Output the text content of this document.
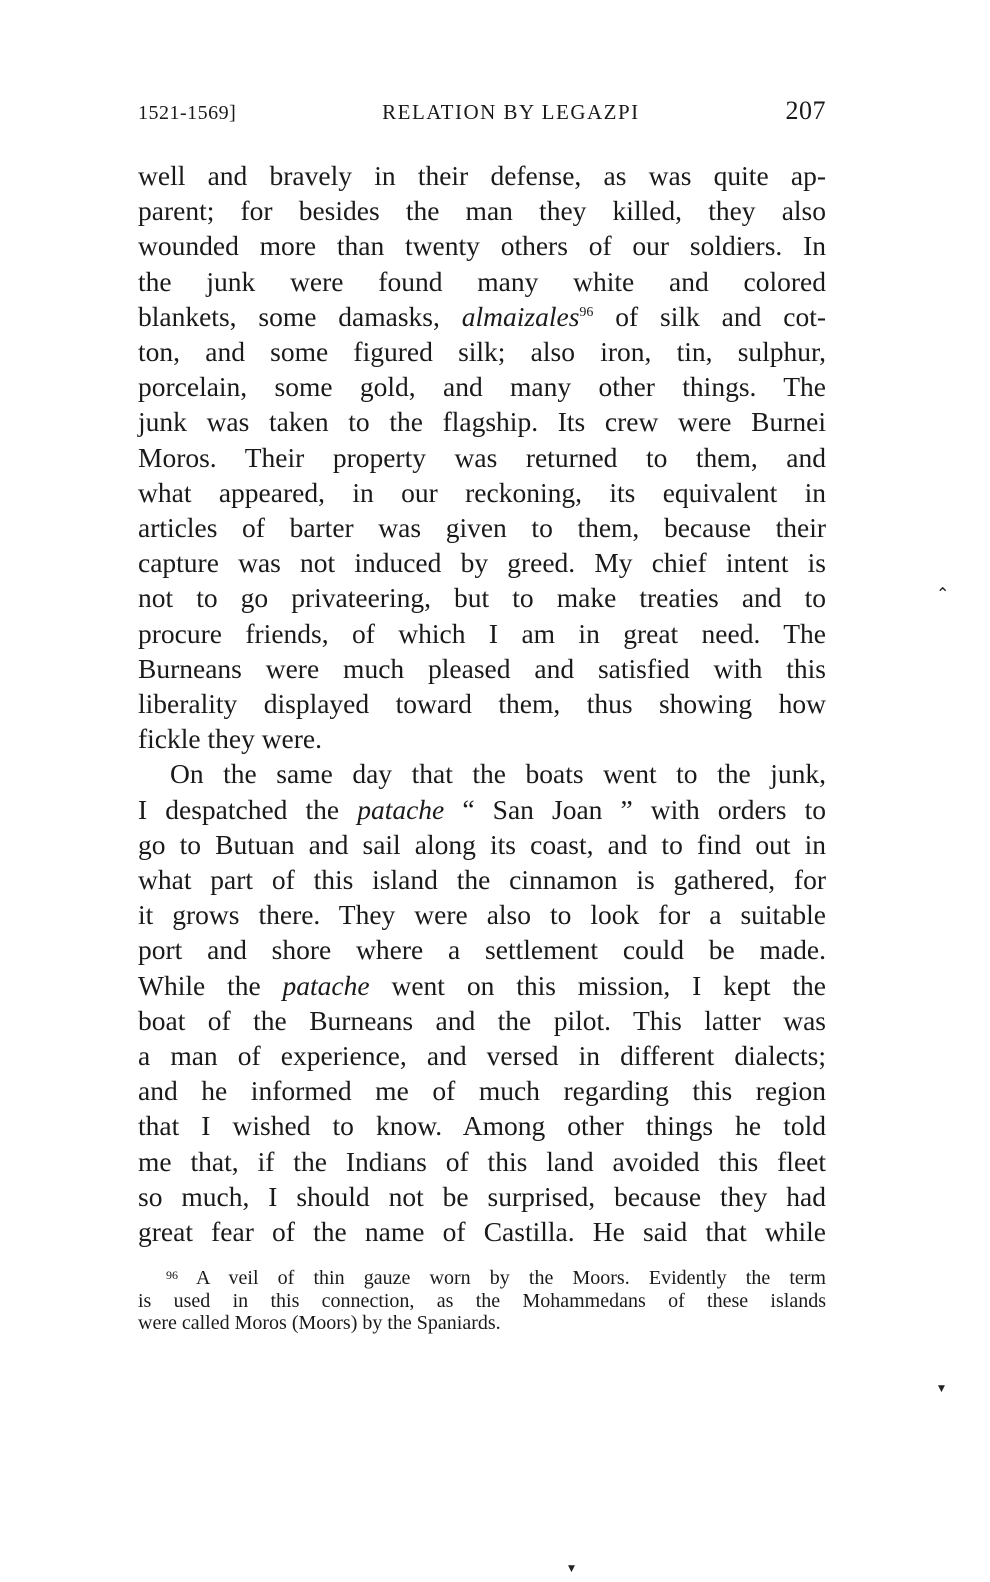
1521-1569]	RELATION BY LEGAZPI	207
well and bravely in their defense, as was quite ap-
parent; for besides the man they killed, they also
wounded more than twenty others of our soldiers. In
the junk were found many white and colored
blankets, some damasks, almaizales$^{96}$ of silk and cot-
ton, and some figured silk; also iron, tin, sulphur,
porcelain, some gold, and many other things. The
junk was taken to the flagship. Its crew were Burnei
Moros. Their property was returned to them, and
what appeared, in our reckoning, its equivalent in
articles of barter was given to them, because their
capture was not induced by greed. My chief intent is
not to go privateering, but to make treaties and to
procure friends, of which I am in great need. The
Burneans were much pleased and satisfied with this
liberality displayed toward them, thus showing how
fickle they were.
On the same day that the boats went to the junk,
I despatched the patache “ San Joan ” with orders to
go to Butuan and sail along its coast, and to find out in
what part of this island the cinnamon is gathered, for
it grows there. They were also to look for a suitable
port and shore where a settlement could be made.
While the patache went on this mission, I kept the
boat of the Burneans and the pilot. This latter was
a man of experience, and versed in different dialects;
and he informed me of much regarding this region
that I wished to know. Among other things he told
me that, if the Indians of this land avoided this fleet
so much, I should not be surprised, because they had
great fear of the name of Castilla. He said that while
$^{96}$ A veil of thin gauze worn by the Moors. Evidently the term
is used in this connection, as the Mohammedans of these islands
were called Moros (Moors) by the Spaniards.
⌃
▼
▼
